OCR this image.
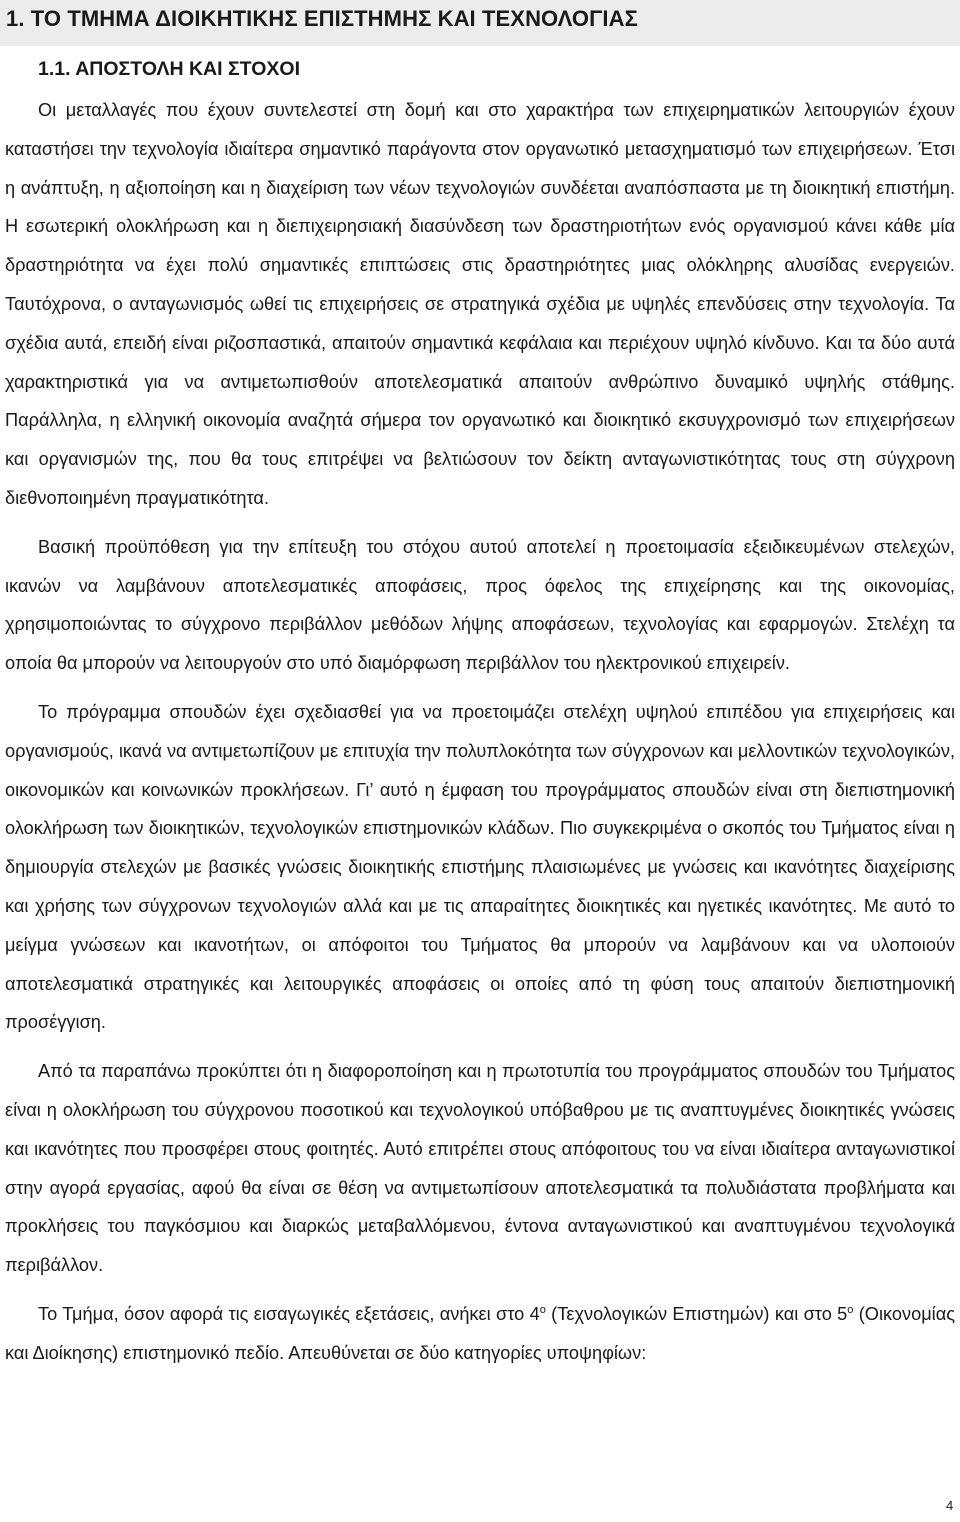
1. ΤΟ ΤΜΗΜΑ ΔΙΟΙΚΗΤΙΚΗΣ ΕΠΙΣΤΗΜΗΣ ΚΑΙ ΤΕΧΝΟΛΟΓΙΑΣ
1.1. ΑΠΟΣΤΟΛΗ ΚΑΙ ΣΤΟΧΟΙ

Οι μεταλλαγές που έχουν συντελεστεί στη δομή και στο χαρακτήρα των επιχειρηματικών λειτουργιών έχουν καταστήσει την τεχνολογία ιδιαίτερα σημαντικό παράγοντα στον οργανωτικό μετασχηματισμό των επιχειρήσεων. Έτσι η ανάπτυξη, η αξιοποίηση και η διαχείριση των νέων τεχνολογιών συνδέεται αναπόσπαστα με τη διοικητική επιστήμη. Η εσωτερική ολοκλήρωση και η διεπιχειρησιακή διασύνδεση των δραστηριοτήτων ενός οργανισμού κάνει κάθε μία δραστηριότητα να έχει πολύ σημαντικές επιπτώσεις στις δραστηριότητες μιας ολόκληρης αλυσίδας ενεργειών. Ταυτόχρονα, ο ανταγωνισμός ωθεί τις επιχειρήσεις σε στρατηγικά σχέδια με υψηλές επενδύσεις στην τεχνολογία. Τα σχέδια αυτά, επειδή είναι ριζοσπαστικά, απαιτούν σημαντικά κεφάλαια και περιέχουν υψηλό κίνδυνο. Και τα δύο αυτά χαρακτηριστικά για να αντιμετωπισθούν αποτελεσματικά απαιτούν ανθρώπινο δυναμικό υψηλής στάθμης. Παράλληλα, η ελληνική οικονομία αναζητά σήμερα τον οργανωτικό και διοικητικό εκσυγχρονισμό των επιχειρήσεων και οργανισμών της, που θα τους επιτρέψει να βελτιώσουν τον δείκτη ανταγωνιστικότητας τους στη σύγχρονη διεθνοποιημένη πραγματικότητα.

Βασική προϋπόθεση για την επίτευξη του στόχου αυτού αποτελεί η προετοιμασία εξειδικευμένων στελεχών, ικανών να λαμβάνουν αποτελεσματικές αποφάσεις, προς όφελος της επιχείρησης και της οικονομίας, χρησιμοποιώντας το σύγχρονο περιβάλλον μεθόδων λήψης αποφάσεων, τεχνολογίας και εφαρμογών. Στελέχη τα οποία θα μπορούν να λειτουργούν στο υπό διαμόρφωση περιβάλλον του ηλεκτρονικού επιχειρείν.

Το πρόγραμμα σπουδών έχει σχεδιασθεί για να προετοιμάζει στελέχη υψηλού επιπέδου για επιχειρήσεις και οργανισμούς, ικανά να αντιμετωπίζουν με επιτυχία την πολυπλοκότητα των σύγχρονων και μελλοντικών τεχνολογικών, οικονομικών και κοινωνικών προκλήσεων. Γι’ αυτό η έμφαση του προγράμματος σπουδών είναι στη διεπιστημονική ολοκλήρωση των διοικητικών, τεχνολογικών επιστημονικών κλάδων. Πιο συγκεκριμένα ο σκοπός του Τμήματος είναι η δημιουργία στελεχών με βασικές γνώσεις διοικητικής επιστήμης πλαισιωμένες με γνώσεις και ικανότητες διαχείρισης και χρήσης των σύγχρονων τεχνολογιών αλλά και με τις απαραίτητες διοικητικές και ηγετικές ικανότητες. Με αυτό το μείγμα γνώσεων και ικανοτήτων, οι απόφοιτοι του Τμήματος θα μπορούν να λαμβάνουν και να υλοποιούν αποτελεσματικά στρατηγικές και λειτουργικές αποφάσεις οι οποίες από τη φύση τους απαιτούν διεπιστημονική προσέγγιση.

Από τα παραπάνω προκύπτει ότι η διαφοροποίηση και η πρωτοτυπία του προγράμματος σπουδών του Τμήματος είναι η ολοκλήρωση του σύγχρονου ποσοτικού και τεχνολογικού υπόβαθρου με τις αναπτυγμένες διοικητικές γνώσεις και ικανότητες που προσφέρει στους φοιτητές. Αυτό επιτρέπει στους απόφοιτους του να είναι ιδιαίτερα ανταγωνιστικοί στην αγορά εργασίας, αφού θα είναι σε θέση να αντιμετωπίσουν αποτελεσματικά τα πολυδιάστατα προβλήματα και προκλήσεις του παγκόσμιου και διαρκώς μεταβαλλόμενου, έντονα ανταγωνιστικού και αναπτυγμένου τεχνολογικά περιβάλλον.

Το Τμήμα, όσον αφορά τις εισαγωγικές εξετάσεις, ανήκει στο $4^o$ (Τεχνολογικών Επιστημών) και στο $5^o$ (Οικονομίας και Διοίκησης) επιστημονικό πεδίο. Απευθύνεται σε δύο κατηγορίες υποψηφίων:

4
